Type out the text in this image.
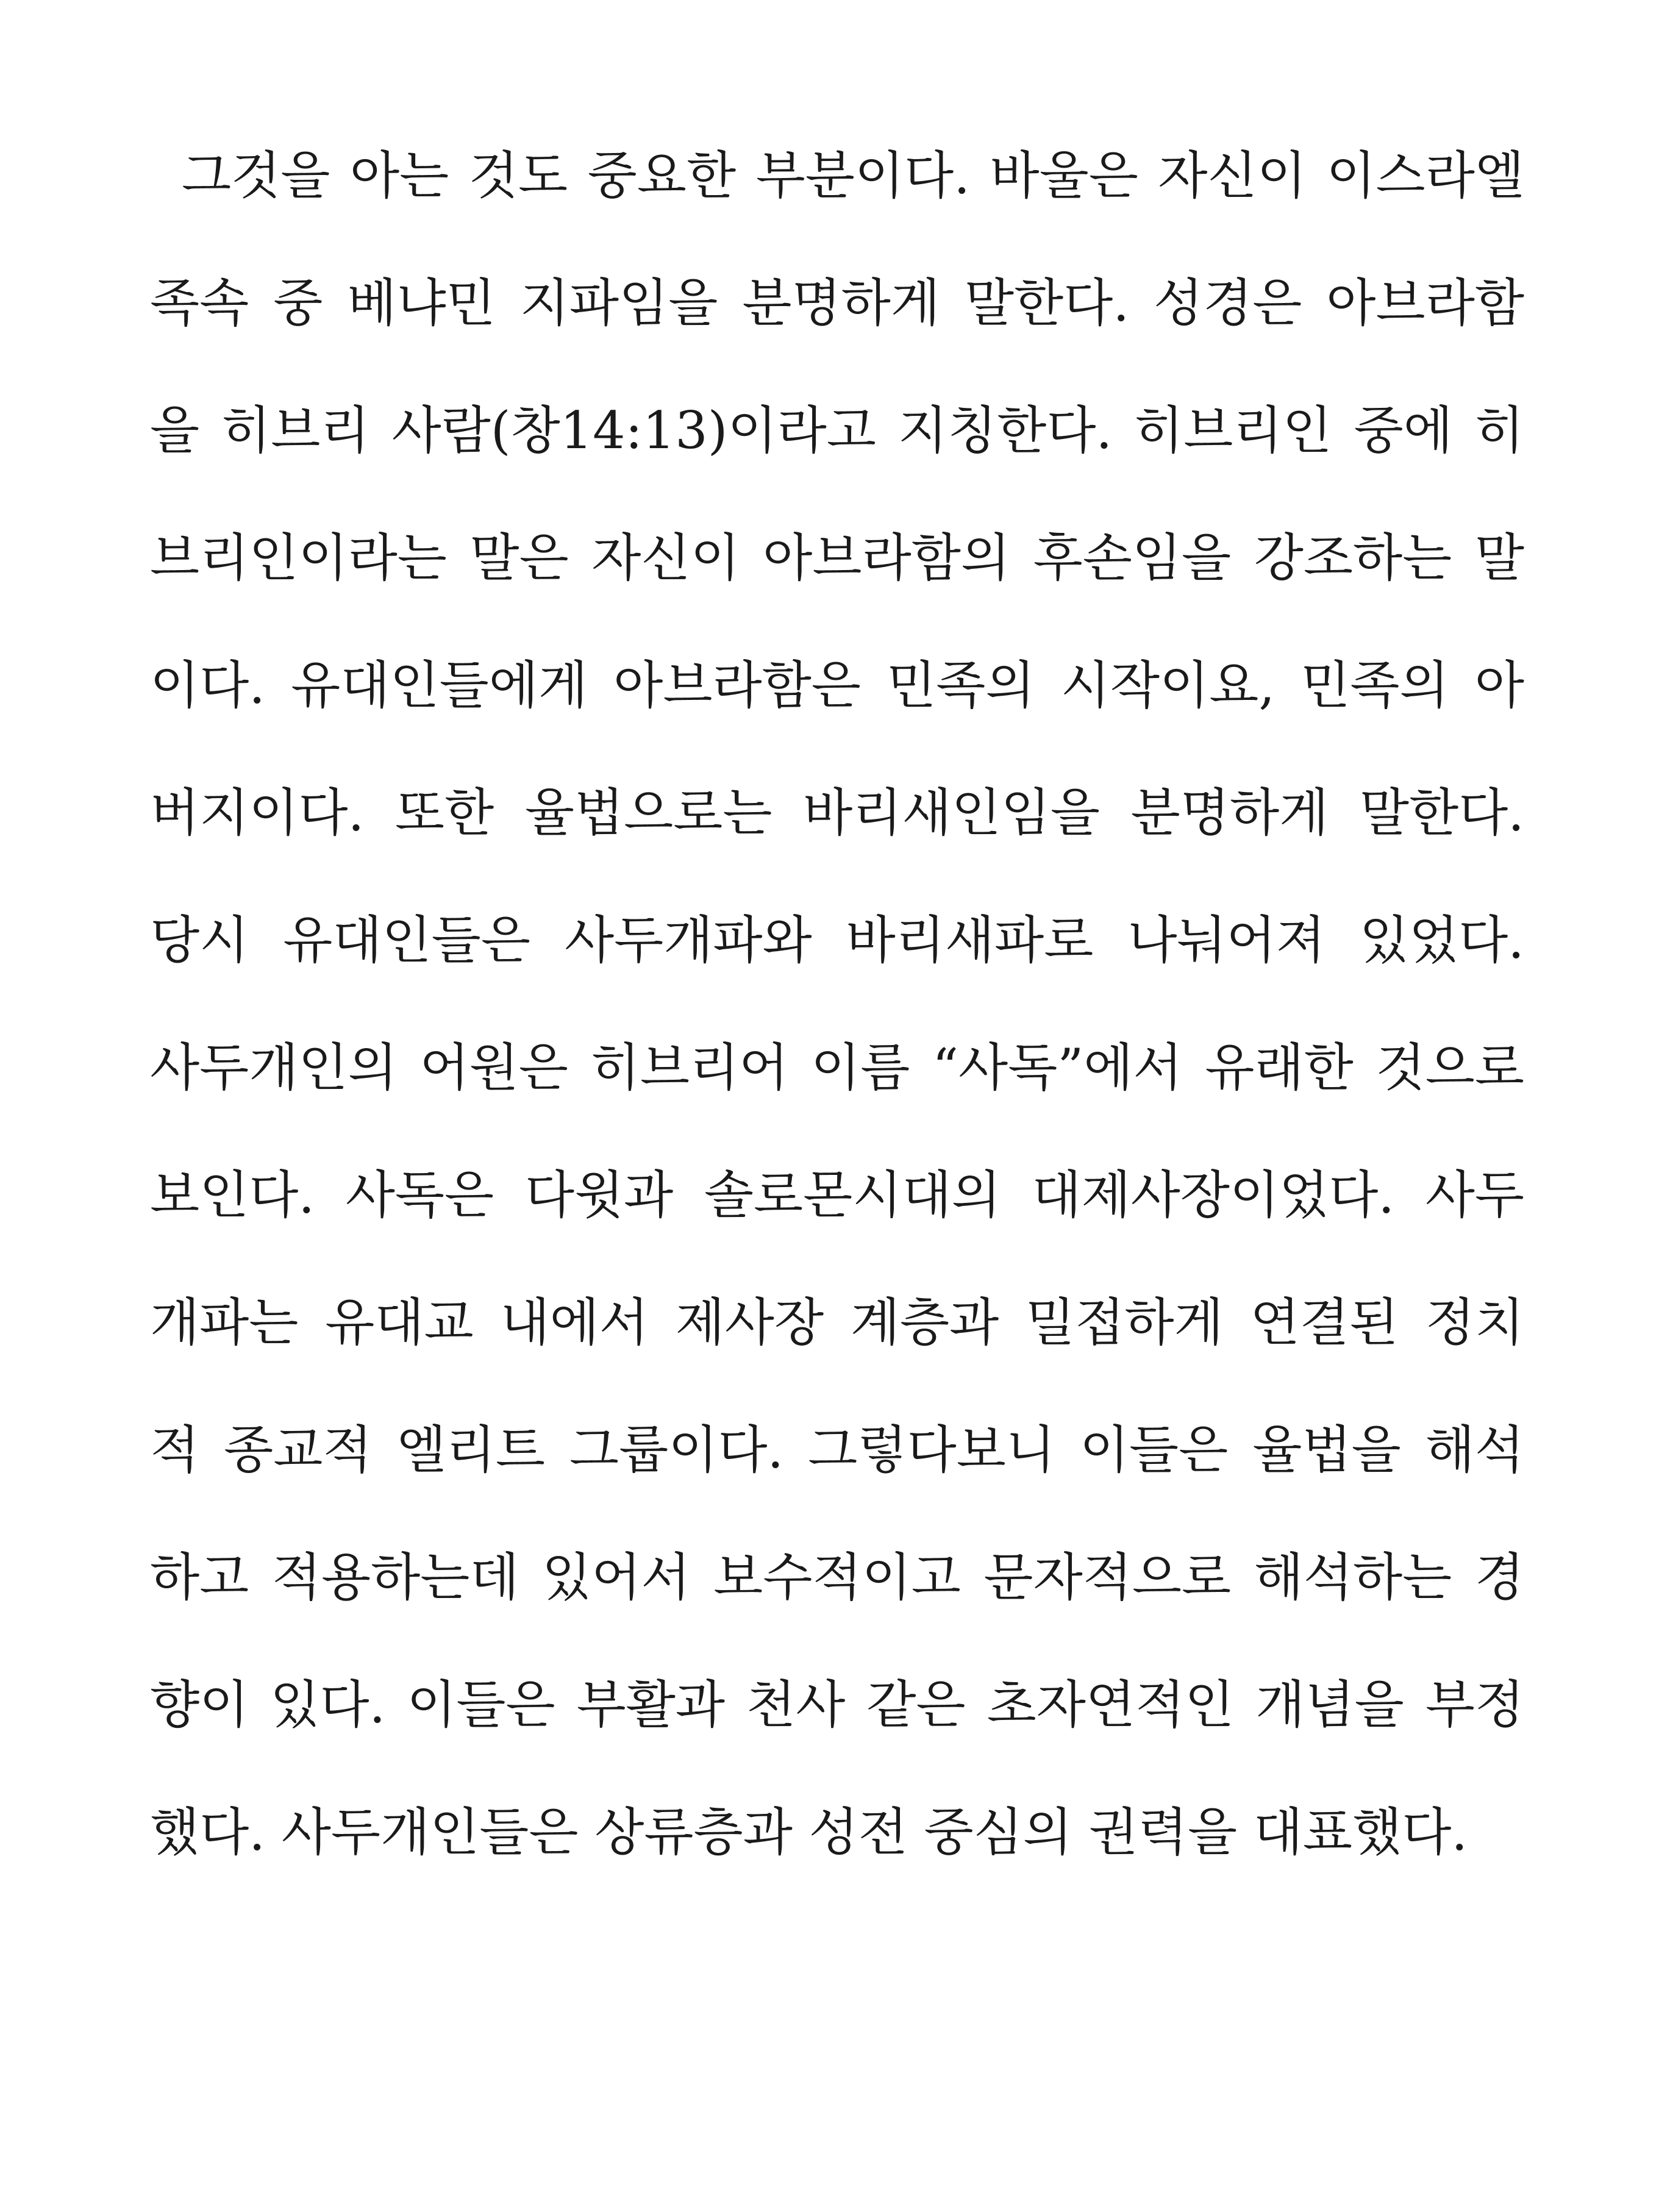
그것을 아는 것도 중요한 부분이다. 바울은 자신이 이스라엘
족속 중 베냐민 지파임을 분명하게 말한다. 성경은 아브라함
을 히브리 사람(창14:13)이라고 지칭한다. 히브리인 중에 히
브리인이라는 말은 자신이 아브라함의 후손임을 강조하는 말
이다. 유대인들에게 아브라함은 민족의 시작이요, 민족의 아
버지이다. 또한 율법으로는 바리새인임을 분명하게 말한다.
당시 유대인들은 사두개파와 바리새파로 나눠어져 있었다.
사두개인의 어원은 히브리어 이름 “사독”에서 유래한 것으로
보인다. 사독은 다윗과 솔로몬시대의 대제사장이었다. 사두
개파는 유대교 내에서 제사장 계층과 밀접하게 연결된 정치
적 종교적 엘리트 그룹이다. 그렇다보니 이들은 율법을 해석
하고 적용하는데 있어서 보수적이고 문자적으로 해석하는 경
향이 있다. 이들은 부활과 천사 같은 초자연적인 개념을 부정
했다. 사두개인들은 상류층과 성전 중심의 권력을 대표했다.
